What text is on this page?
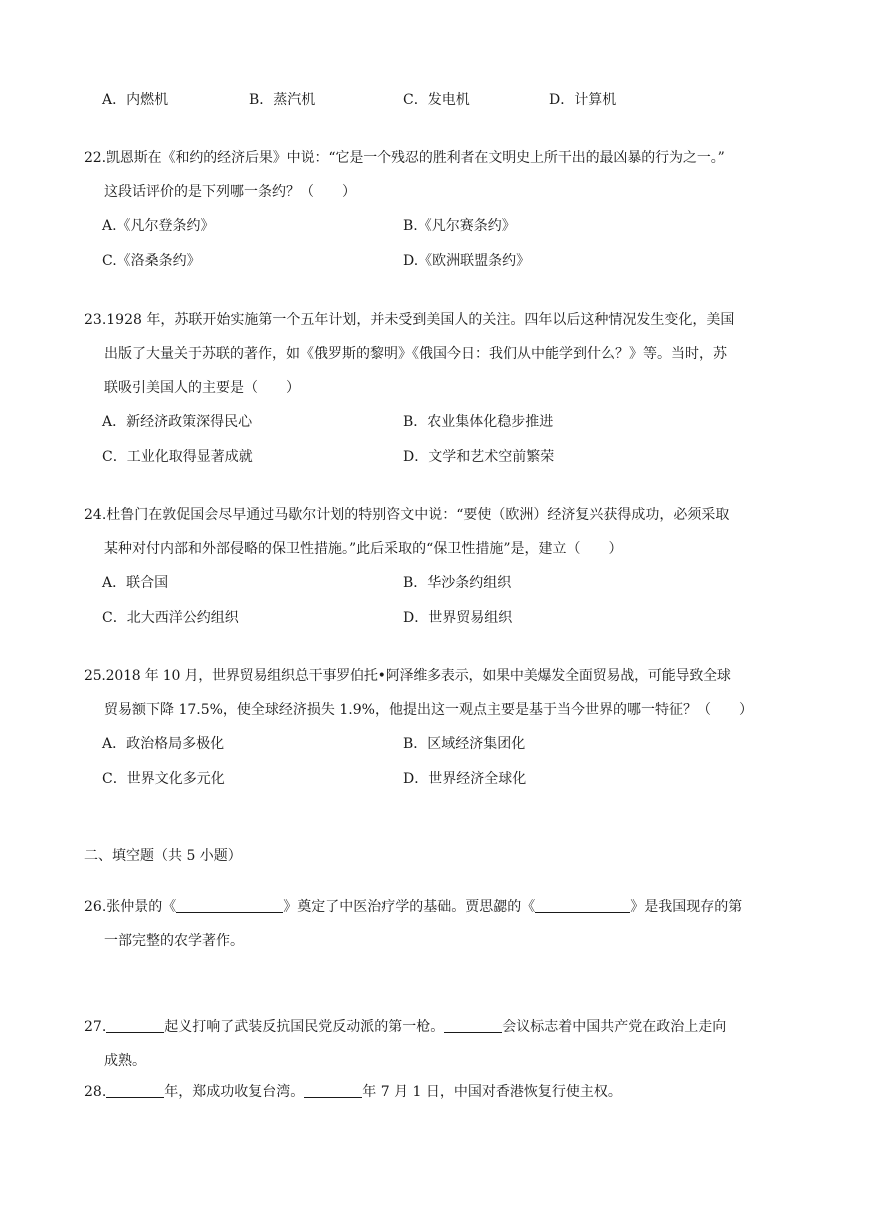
A．内燃机	B．蒸汽机	C．发电机	D．计算机
22.凯恩斯在《和约的经济后果》中说：“它是一个残忍的胜利者在文明史上所干出的最凶暴的行为之一。”
这段话评价的是下列哪一条约？（　　）
A.《凡尔登条约》	B.《凡尔赛条约》
C.《洛桑条约》	D.《欧洲联盟条约》
23.1928 年，苏联开始实施第一个五年计划，并未受到美国人的关注。四年以后这种情况发生变化，美国
出版了大量关于苏联的著作，如《俄罗斯的黎明》《俄国今日：我们从中能学到什么？》等。当时，苏
联吸引美国人的主要是（　　）
A．新经济政策深得民心	B．农业集体化稳步推进
C．工业化取得显著成就	D．文学和艺术空前繁荣
24.杜鲁门在敦促国会尽早通过马歇尔计划的特别咨文中说：“要使（欧洲）经济复兴获得成功，必须采取
某种对付内部和外部侵略的保卫性措施。”此后采取的“保卫性措施”是，建立（　　）
A．联合国	B．华沙条约组织
C．北大西洋公约组织	D．世界贸易组织
25.2018 年 10 月，世界贸易组织总干事罗伯托•阿泽维多表示，如果中美爆发全面贸易战，可能导致全球
贸易额下降 17.5%，使全球经济损失 1.9%，他提出这一观点主要是基于当今世界的哪一特征？（　　）
A．政治格局多极化	B．区域经济集团化
C．世界文化多元化	D．世界经济全球化
二、填空题（共 5 小题）
26.张仲景的《	》奠定了中医治疗学的基础。贾思勰的《	》是我国现存的第
一部完整的农学著作。
27.	起义打响了武装反抗国民党反动派的第一枪。	会议标志着中国共产党在政治上走向
成熟。
28.	年，郑成功收复台湾。	年 7 月 1 日，中国对香港恢复行使主权。
